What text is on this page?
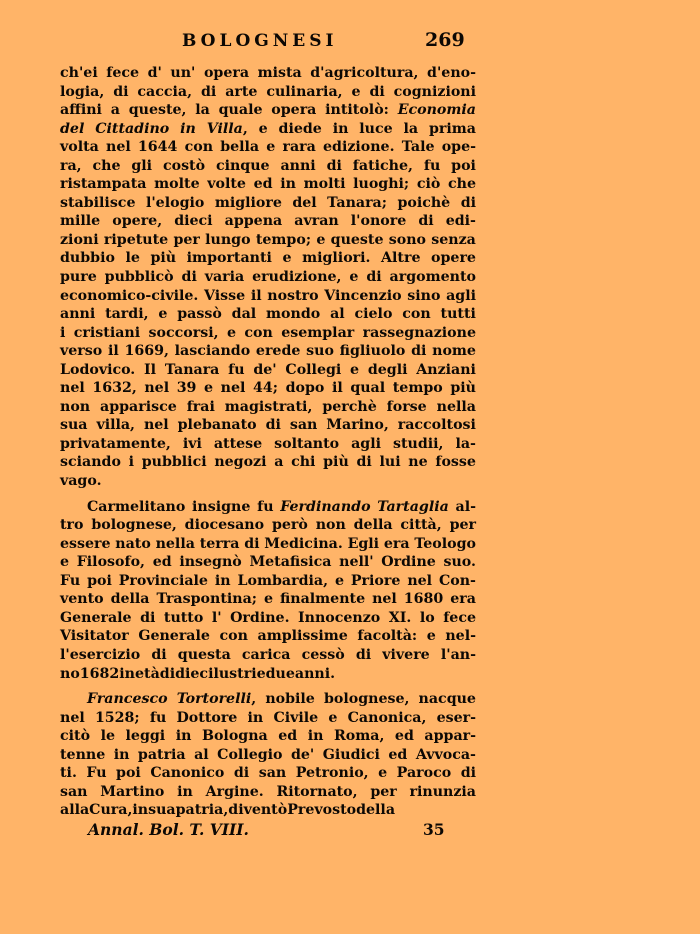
BOLOGNESI	269
ch'ei fece d' un' opera mista d'agricoltura, d'eno-
logia, di caccia, di arte culinaria, e di cognizioni
affini a queste, la quale opera intitolò: Economia
del Cittadino in Villa, e diede in luce la prima
volta nel 1644 con bella e rara edizione. Tale ope-
ra, che gli costò cinque anni di fatiche, fu poi
ristampata molte volte ed in molti luoghi; ciò che
stabilisce l'elogio migliore del Tanara; poichè di
mille opere, dieci appena avran l'onore di edi-
zioni ripetute per lungo tempo; e queste sono senza
dubbio le più importanti e migliori. Altre opere
pure pubblicò di varia erudizione, e di argomento
economico-civile. Visse il nostro Vincenzio sino agli
anni tardi, e passò dal mondo al cielo con tutti
i cristiani soccorsi, e con esemplar rassegnazione
verso il 1669, lasciando erede suo figliuolo di nome
Lodovico. Il Tanara fu de' Collegi e degli Anziani
nel 1632, nel 39 e nel 44; dopo il qual tempo più
non apparisce frai magistrati, perchè forse nella
sua villa, nel plebanato di san Marino, raccoltosi
privatamente, ivi attese soltanto agli studii, la-
sciando i pubblici negozi a chi più di lui ne fosse
vago.
Carmelitano insigne fu Ferdinando Tartaglia al-
tro bolognese, diocesano però non della città, per
essere nato nella terra di Medicina. Egli era Teologo
e Filosofo, ed insegnò Metafisica nell' Ordine suo.
Fu poi Provinciale in Lombardia, e Priore nel Con-
vento della Traspontina; e finalmente nel 1680 era
Generale di tutto l' Ordine. Innocenzo XI. lo fece
Visitator Generale con amplissime facoltà: e nel-
l'esercizio di questa carica cessò di vivere l'an-
no 1682 in età di dieci lustri e due anni.
Francesco Tortorelli, nobile bolognese, nacque
nel 1528; fu Dottore in Civile e Canonica, eser-
citò le leggi in Bologna ed in Roma, ed appar-
tenne in patria al Collegio de' Giudici ed Avvoca-
ti. Fu poi Canonico di san Petronio, e Paroco di
san Martino in Argine. Ritornato, per rinunzia
alla Cura, in sua patria, diventò Prevosto della
Annal. Bol. T. VIII.	35
